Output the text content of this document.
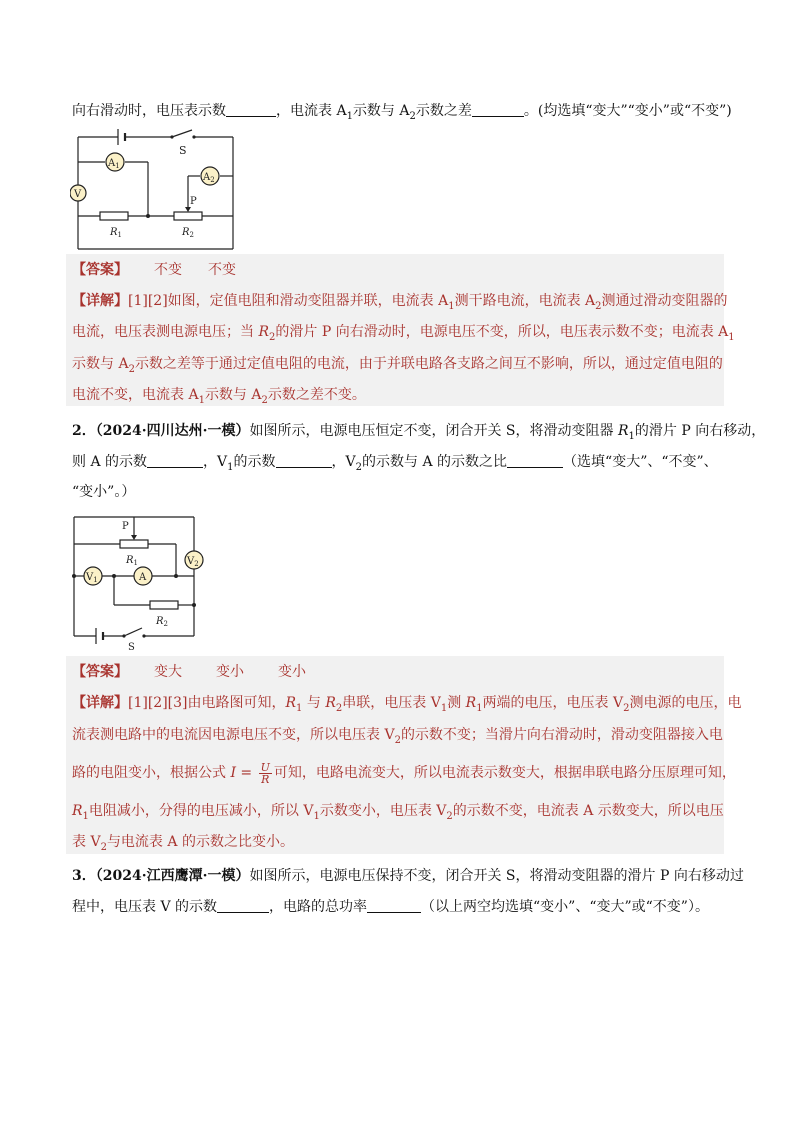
向右滑动时，电压表示数	，电流表 $A_1$示数与 $A_2$示数之差	。(均选填“变大”“变小”或“不变”)
S
$A_1$
$A_2$
V
P
$R_1$	$R_2$
【答案】 不变 不变
【详解】[1][2]如图，定值电阻和滑动变阻器并联，电流表 $A_1$测干路电流，电流表 $A_2$测通过滑动变阻器的
电流，电压表测电源电压；当 $R_2$的滑片 P 向右滑动时，电源电压不变，所以，电压表示数不变；电流表 $A_1$
示数与 $A_2$示数之差等于通过定值电阻的电流，由于并联电路各支路之间互不影响，所以，通过定值电阻的
电流不变，电流表 $A_1$示数与 $A_2$示数之差不变。
2．（2024·四川达州·一模）如图所示，电源电压恒定不变，闭合开关 S，将滑动变阻器 $R_1$的滑片 P 向右移动，
则 A 的示数	，$V_1$的示数	，$V_2$的示数与 A 的示数之比	（选填“变大”、“不变”、
“变小”。）
S
P
$V_1$	A
$V_2$
$R_1$
$R_2$
【答案】 变大 变小 变小
【详解】[1][2][3]由电路图可知，$R_1$ 与 $R_2$串联，电压表 $V_1$测 $R_1$两端的电压，电压表 $V_2$测电源的电压，电
流表测电路中的电流因电源电压不变，所以电压表 $V_2$的示数不变；当滑片向右滑动时，滑动变阻器接入电
路的电阻变小，根据公式 $I = \frac{U}{R}$ 可知，电路电流变大，所以电流表示数变大，根据串联电路分压原理可知，
$R_1$电阻减小，分得的电压减小，所以 $V_1$示数变小，电压表 $V_2$的示数不变，电流表 A 示数变大，所以电压
表 $V_2$与电流表 A 的示数之比变小。
3．（2024·江西鹰潭·一模）如图所示，电源电压保持不变，闭合开关 S，将滑动变阻器的滑片 P 向右移动过
程中，电压表 V 的示数	，电路的总功率	（以上两空均选填“变小”、“变大”或“不变”）。
